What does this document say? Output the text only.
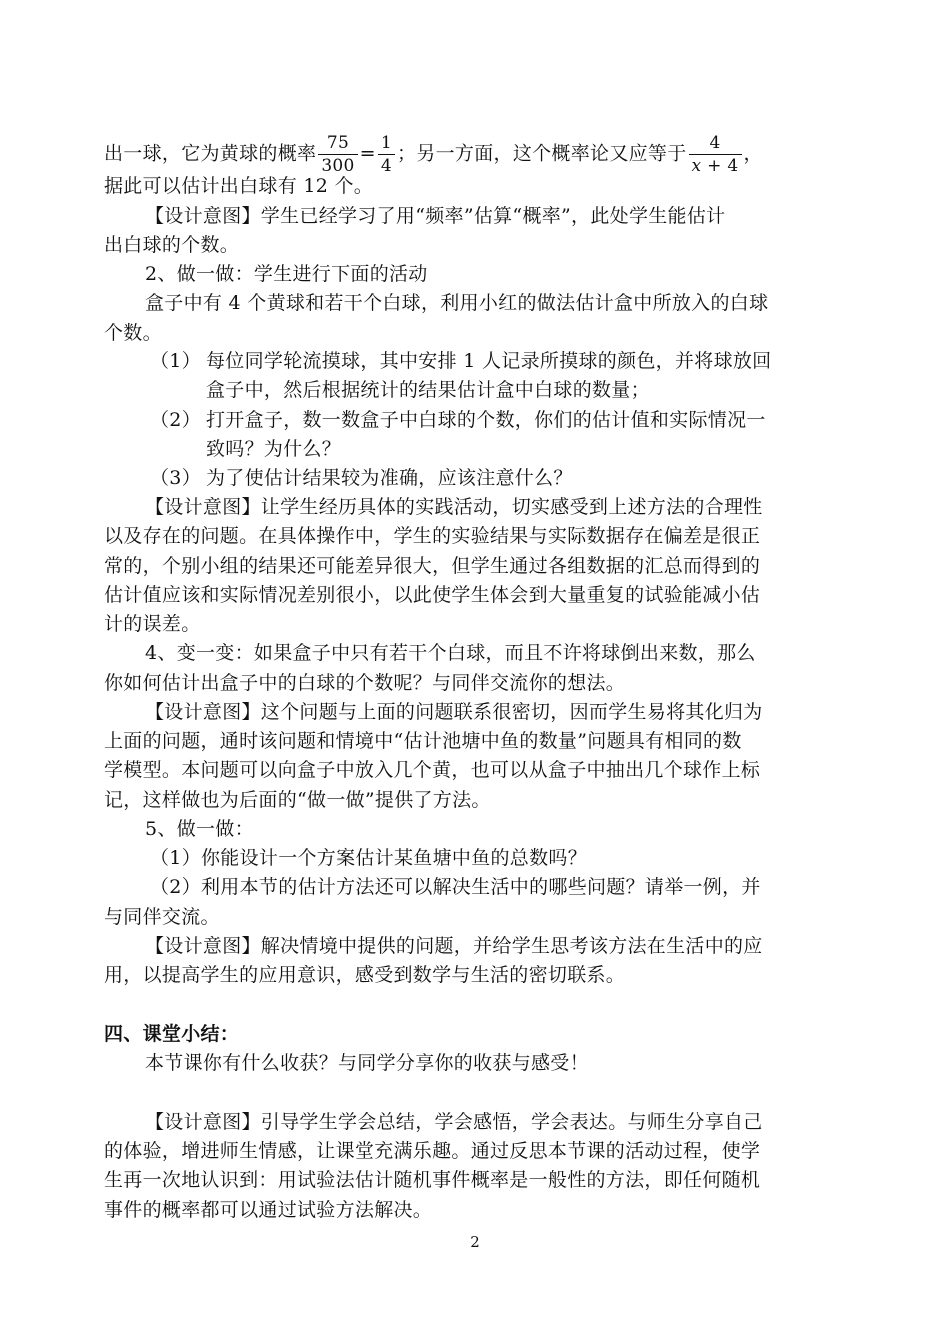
出一球，它为黄球的概率 $\frac{75}{300} = \frac{1}{4}$ ；另一方面，这个概率论又应等于 $\frac{4}{x + 4}$ ，
据此可以估计出白球有 12 个。
【设计意图】学生已经学习了用“频率”估算“概率”，此处学生能估计
出白球的个数。
2、做一做：学生进行下面的活动
盒子中有 4 个黄球和若干个白球，利用小红的做法估计盒中所放入的白球
个数。
（1） 每位同学轮流摸球，其中安排 1 人记录所摸球的颜色，并将球放回
盒子中，然后根据统计的结果估计盒中白球的数量；
（2） 打开盒子，数一数盒子中白球的个数，你们的估计值和实际情况一
致吗？为什么？
（3） 为了使估计结果较为准确，应该注意什么？
【设计意图】让学生经历具体的实践活动，切实感受到上述方法的合理性
以及存在的问题。在具体操作中，学生的实验结果与实际数据存在偏差是很正
常的，个别小组的结果还可能差异很大，但学生通过各组数据的汇总而得到的
估计值应该和实际情况差别很小，以此使学生体会到大量重复的试验能减小估
计的误差。
4、变一变：如果盒子中只有若干个白球，而且不许将球倒出来数，那么
你如何估计出盒子中的白球的个数呢？与同伴交流你的想法。
【设计意图】这个问题与上面的问题联系很密切，因而学生易将其化归为
上面的问题，通时该问题和情境中“估计池塘中鱼的数量”问题具有相同的数
学模型。本问题可以向盒子中放入几个黄，也可以从盒子中抽出几个球作上标
记，这样做也为后面的“做一做”提供了方法。
5、做一做：
（1）你能设计一个方案估计某鱼塘中鱼的总数吗？
（2）利用本节的估计方法还可以解决生活中的哪些问题？请举一例，并
与同伴交流。
【设计意图】解决情境中提供的问题，并给学生思考该方法在生活中的应
用，以提高学生的应用意识，感受到数学与生活的密切联系。
四、课堂小结：
本节课你有什么收获？与同学分享你的收获与感受！
【设计意图】引导学生学会总结，学会感悟，学会表达。与师生分享自己
的体验，增进师生情感，让课堂充满乐趣。通过反思本节课的活动过程，使学
生再一次地认识到：用试验法估计随机事件概率是一般性的方法，即任何随机
事件的概率都可以通过试验方法解决。
2
